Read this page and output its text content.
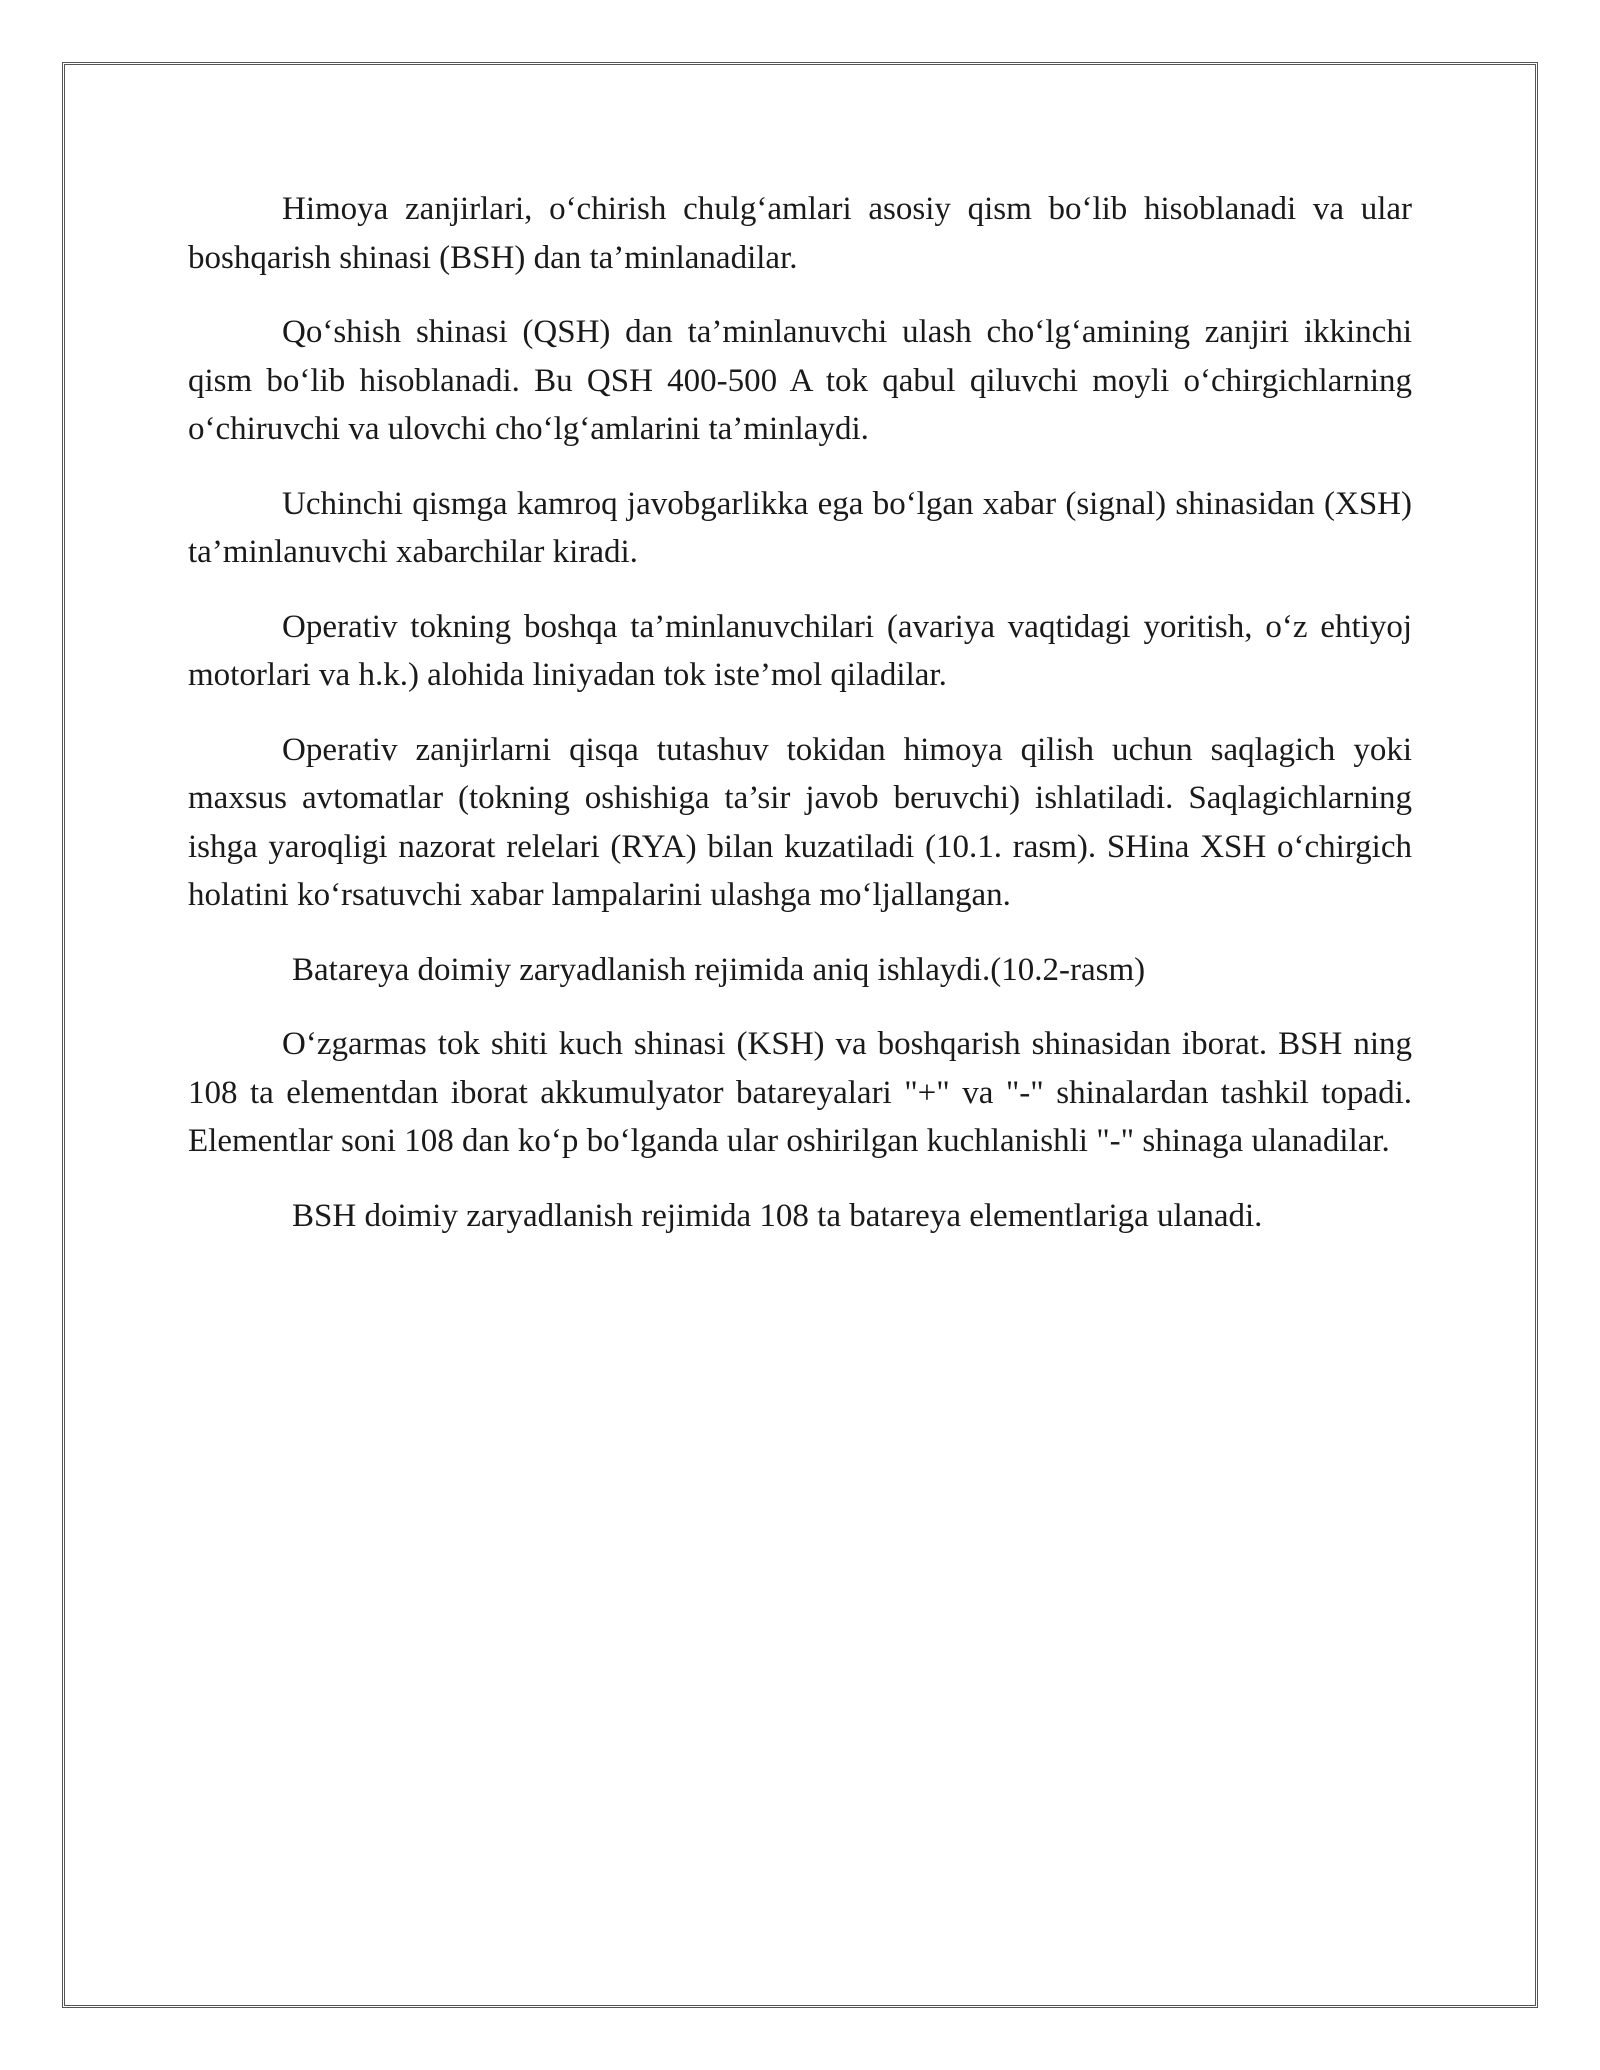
Himoya zanjirlari, o‘chirish chulg‘amlari asosiy qism bo‘lib hisoblanadi va ular boshqarish shinasi (BSH) dan ta’minlanadilar.

Qo‘shish shinasi (QSH) dan ta’minlanuvchi ulash cho‘lg‘amining zanjiri ikkinchi qism bo‘lib hisoblanadi. Bu QSH 400-500 A tok qabul qiluvchi moyli o‘chirgichlarning o‘chiruvchi va ulovchi cho‘lg‘amlarini ta’minlaydi.

Uchinchi qismga kamroq javobgarlikka ega bo‘lgan xabar (signal) shinasidan (XSH) ta’minlanuvchi xabarchilar kiradi.

Operativ tokning boshqa ta’minlanuvchilari (avariya vaqtidagi yoritish, o‘z ehtiyoj motorlari va h.k.) alohida liniyadan tok iste’mol qiladilar.

Operativ zanjirlarni qisqa tutashuv tokidan himoya qilish uchun saqlagich yoki maxsus avtomatlar (tokning oshishiga ta’sir javob beruvchi) ishlatiladi. Saqlagichlarning ishga yaroqligi nazorat relelari (RYA) bilan kuzatiladi (10.1. rasm). SHina XSH o‘chirgich holatini ko‘rsatuvchi xabar lampalarini ulashga mo‘ljallangan.

Batareya doimiy zaryadlanish rejimida aniq ishlaydi.(10.2-rasm)

O‘zgarmas tok shiti kuch shinasi (KSH) va boshqarish shinasidan iborat. BSH ning 108 ta elementdan iborat akkumulyator batareyalari "+" va "-" shinalardan tashkil topadi. Elementlar soni 108 dan ko‘p bo‘lganda ular oshirilgan kuchlanishli "-" shinaga ulanadilar.

BSH doimiy zaryadlanish rejimida 108 ta batareya elementlariga ulanadi.
